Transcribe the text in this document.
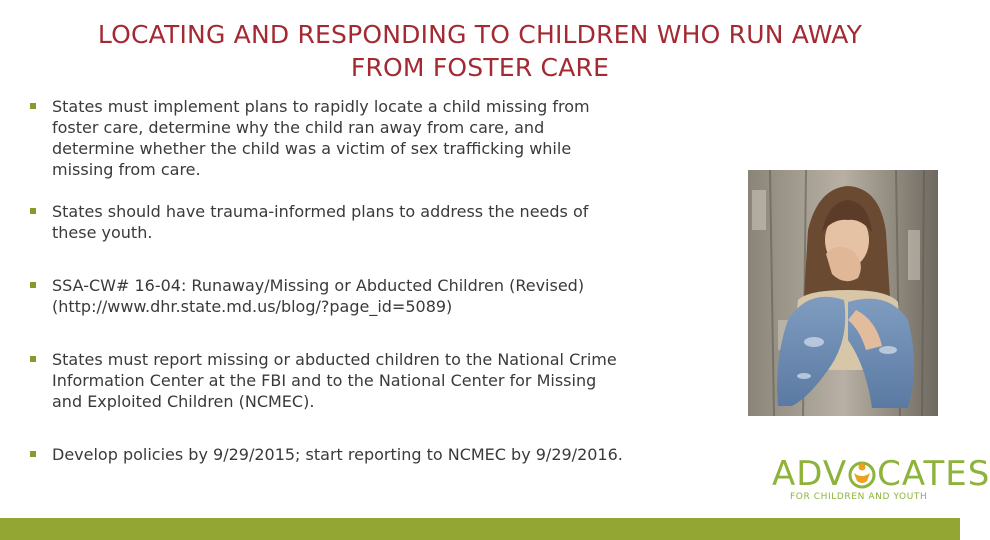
LOCATING AND RESPONDING TO CHILDREN WHO RUN AWAY
FROM FOSTER CARE
States must implement plans to rapidly locate a child missing from
foster care, determine why the child ran away from care, and
determine whether the child was a victim of sex trafficking while
missing from care.
States should have trauma-informed plans to address the needs of
these youth.
SSA-CW# 16-04: Runaway/Missing or Abducted Children (Revised)
(http://www.dhr.state.md.us/blog/?page_id=5089)
States must report missing or abducted children to the National Crime
Information Center at the FBI and to the National Center for Missing
and Exploited Children (NCMEC).
Develop policies by 9/29/2015; start reporting to NCMEC by 9/29/2016.	ADV CATES
FOR CHILDREN AND YOUTH
